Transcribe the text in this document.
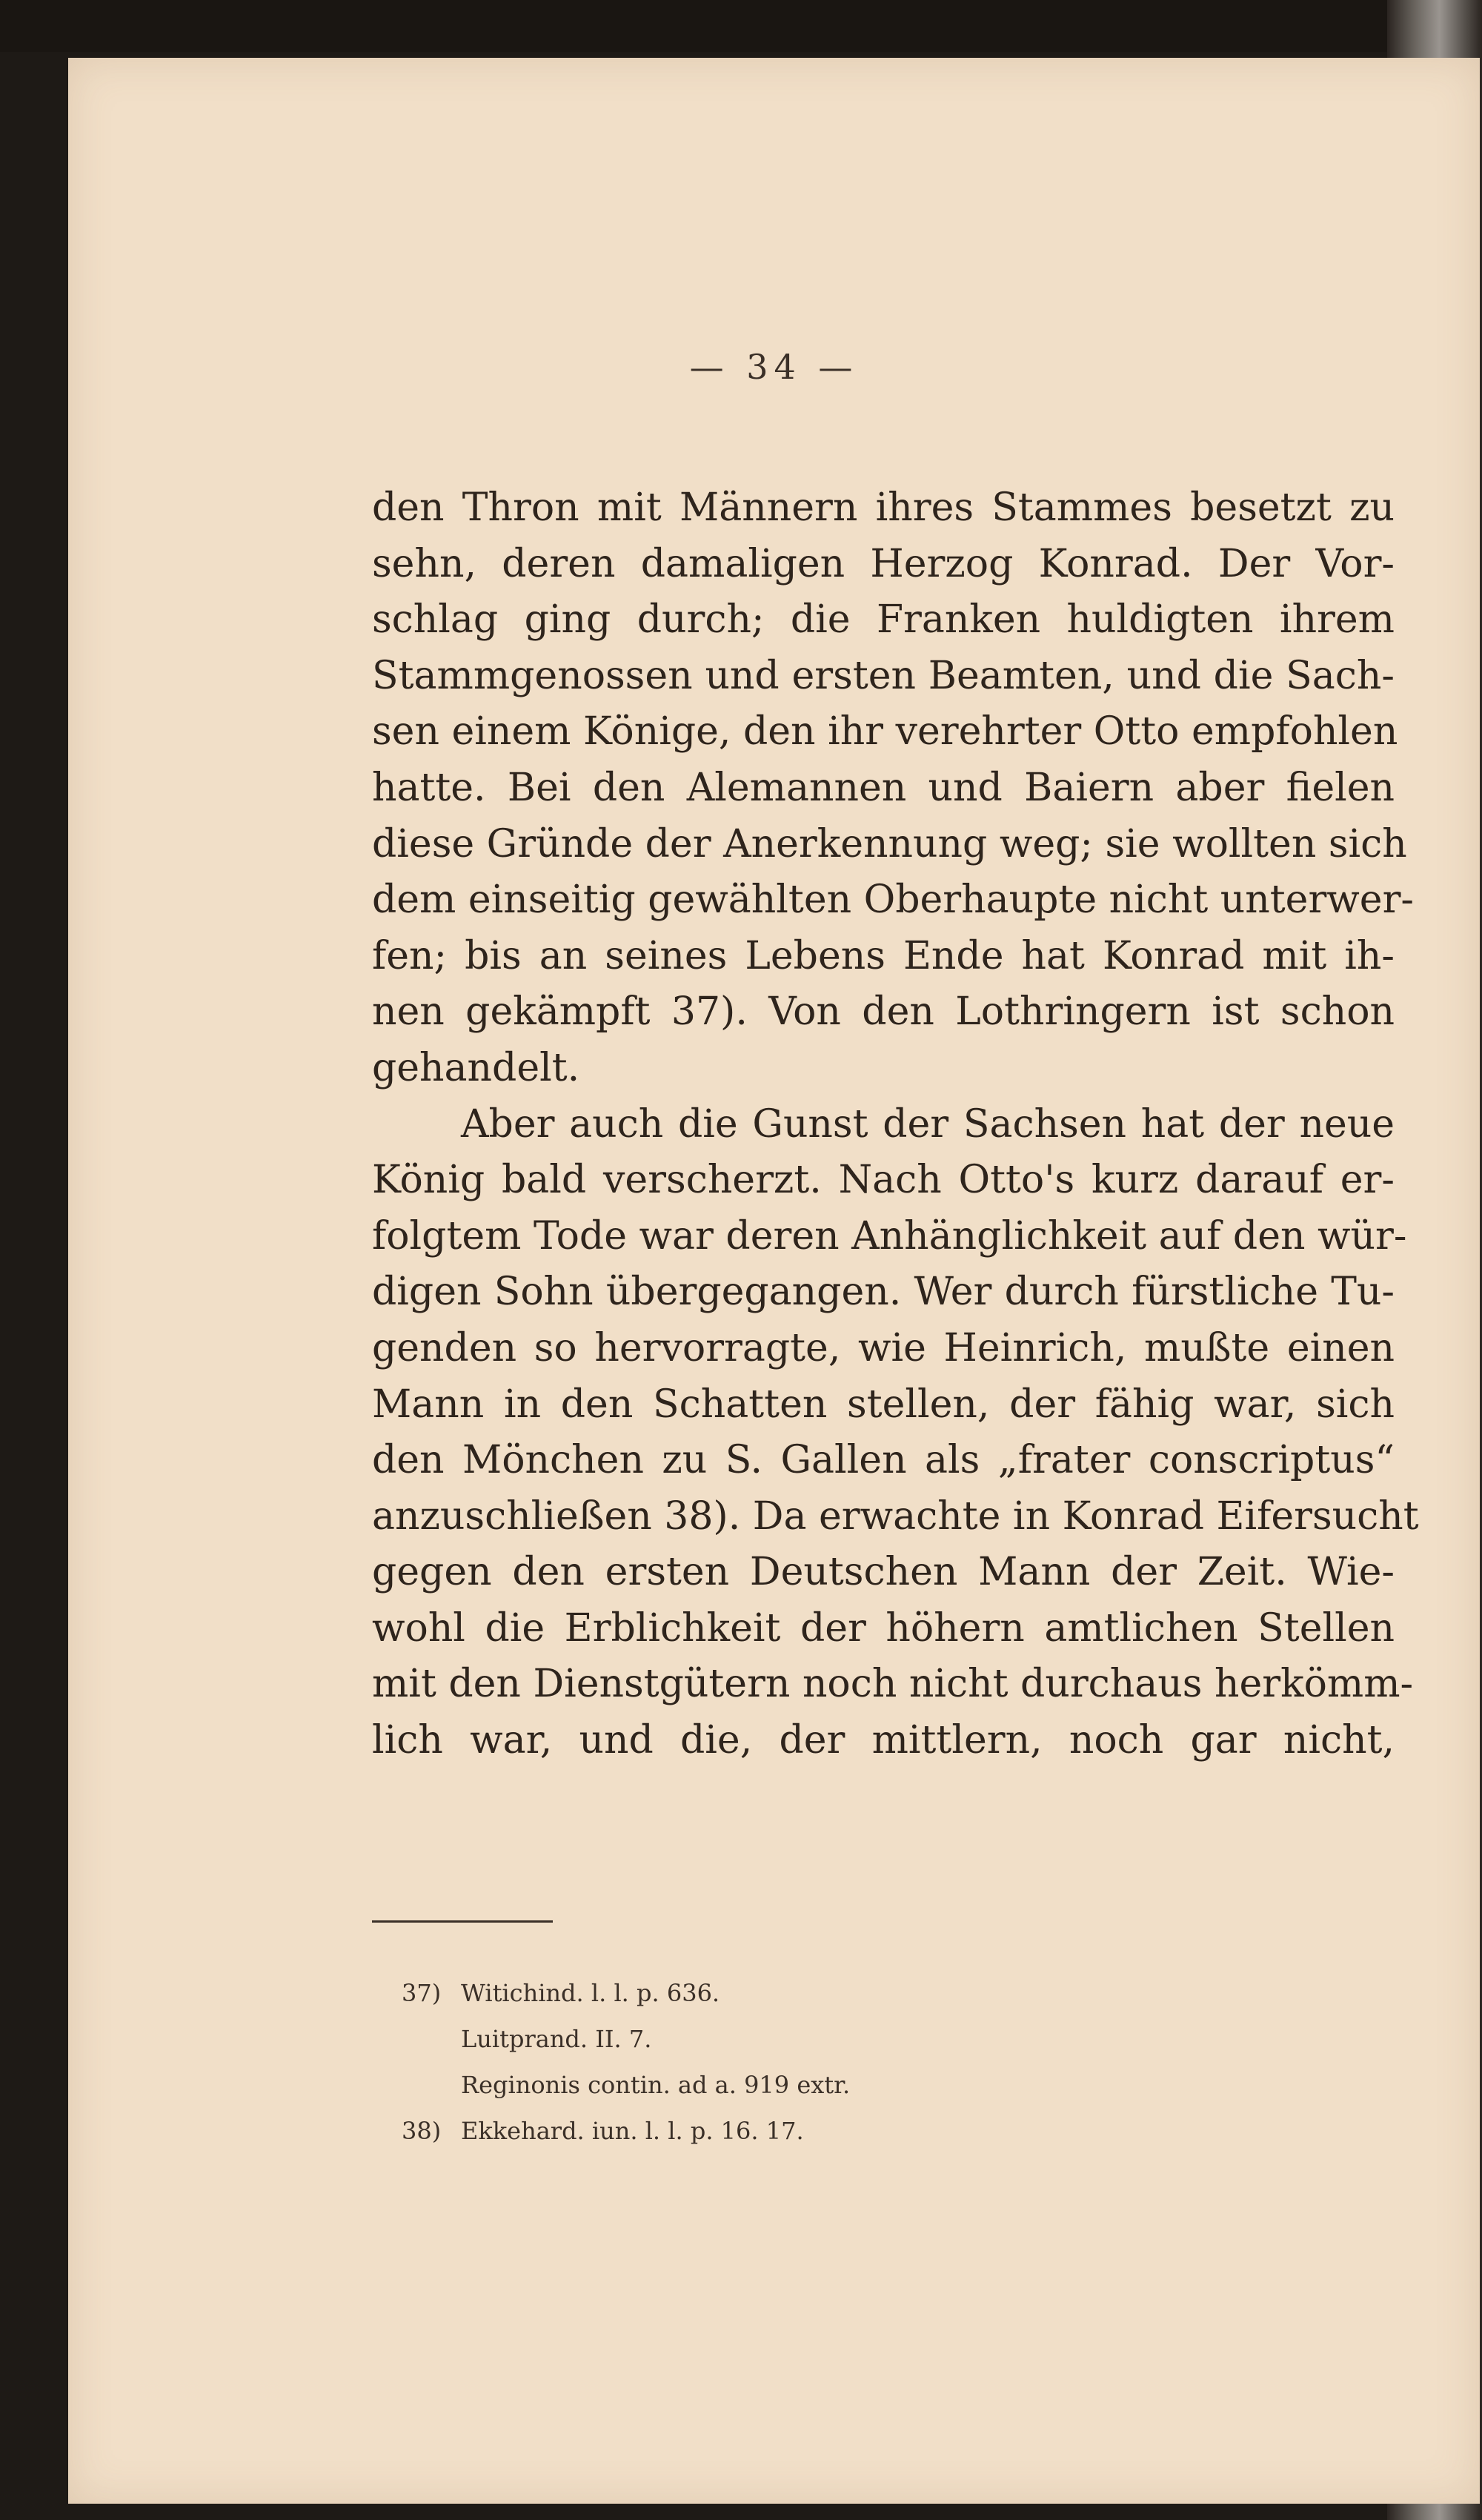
— 34 —
den Thron mit Männern ihres Stammes besetzt zu
sehn, deren damaligen Herzog Konrad. Der Vor-
schlag ging durch; die Franken huldigten ihrem
Stammgenossen und ersten Beamten, und die Sach-
sen einem Könige, den ihr verehrter Otto empfohlen
hatte. Bei den Alemannen und Baiern aber fielen
diese Gründe der Anerkennung weg; sie wollten sich
dem einseitig gewählten Oberhaupte nicht unterwer-
fen; bis an seines Lebens Ende hat Konrad mit ih-
nen gekämpft 37). Von den Lothringern ist schon
gehandelt.
Aber auch die Gunst der Sachsen hat der neue
König bald verscherzt. Nach Otto's kurz darauf er-
folgtem Tode war deren Anhänglichkeit auf den wür-
digen Sohn übergegangen. Wer durch fürstliche Tu-
genden so hervorragte, wie Heinrich, mußte einen
Mann in den Schatten stellen, der fähig war, sich
den Mönchen zu S. Gallen als „frater conscriptus“
anzuschließen 38). Da erwachte in Konrad Eifersucht
gegen den ersten Deutschen Mann der Zeit. Wie-
wohl die Erblichkeit der höhern amtlichen Stellen
mit den Dienstgütern noch nicht durchaus herkömm-
lich war, und die, der mittlern, noch gar nicht,
37) Witichind. l. l. p. 636.
Luitprand. II. 7.
Reginonis contin. ad a. 919 extr.
38) Ekkehard. iun. l. l. p. 16. 17.
